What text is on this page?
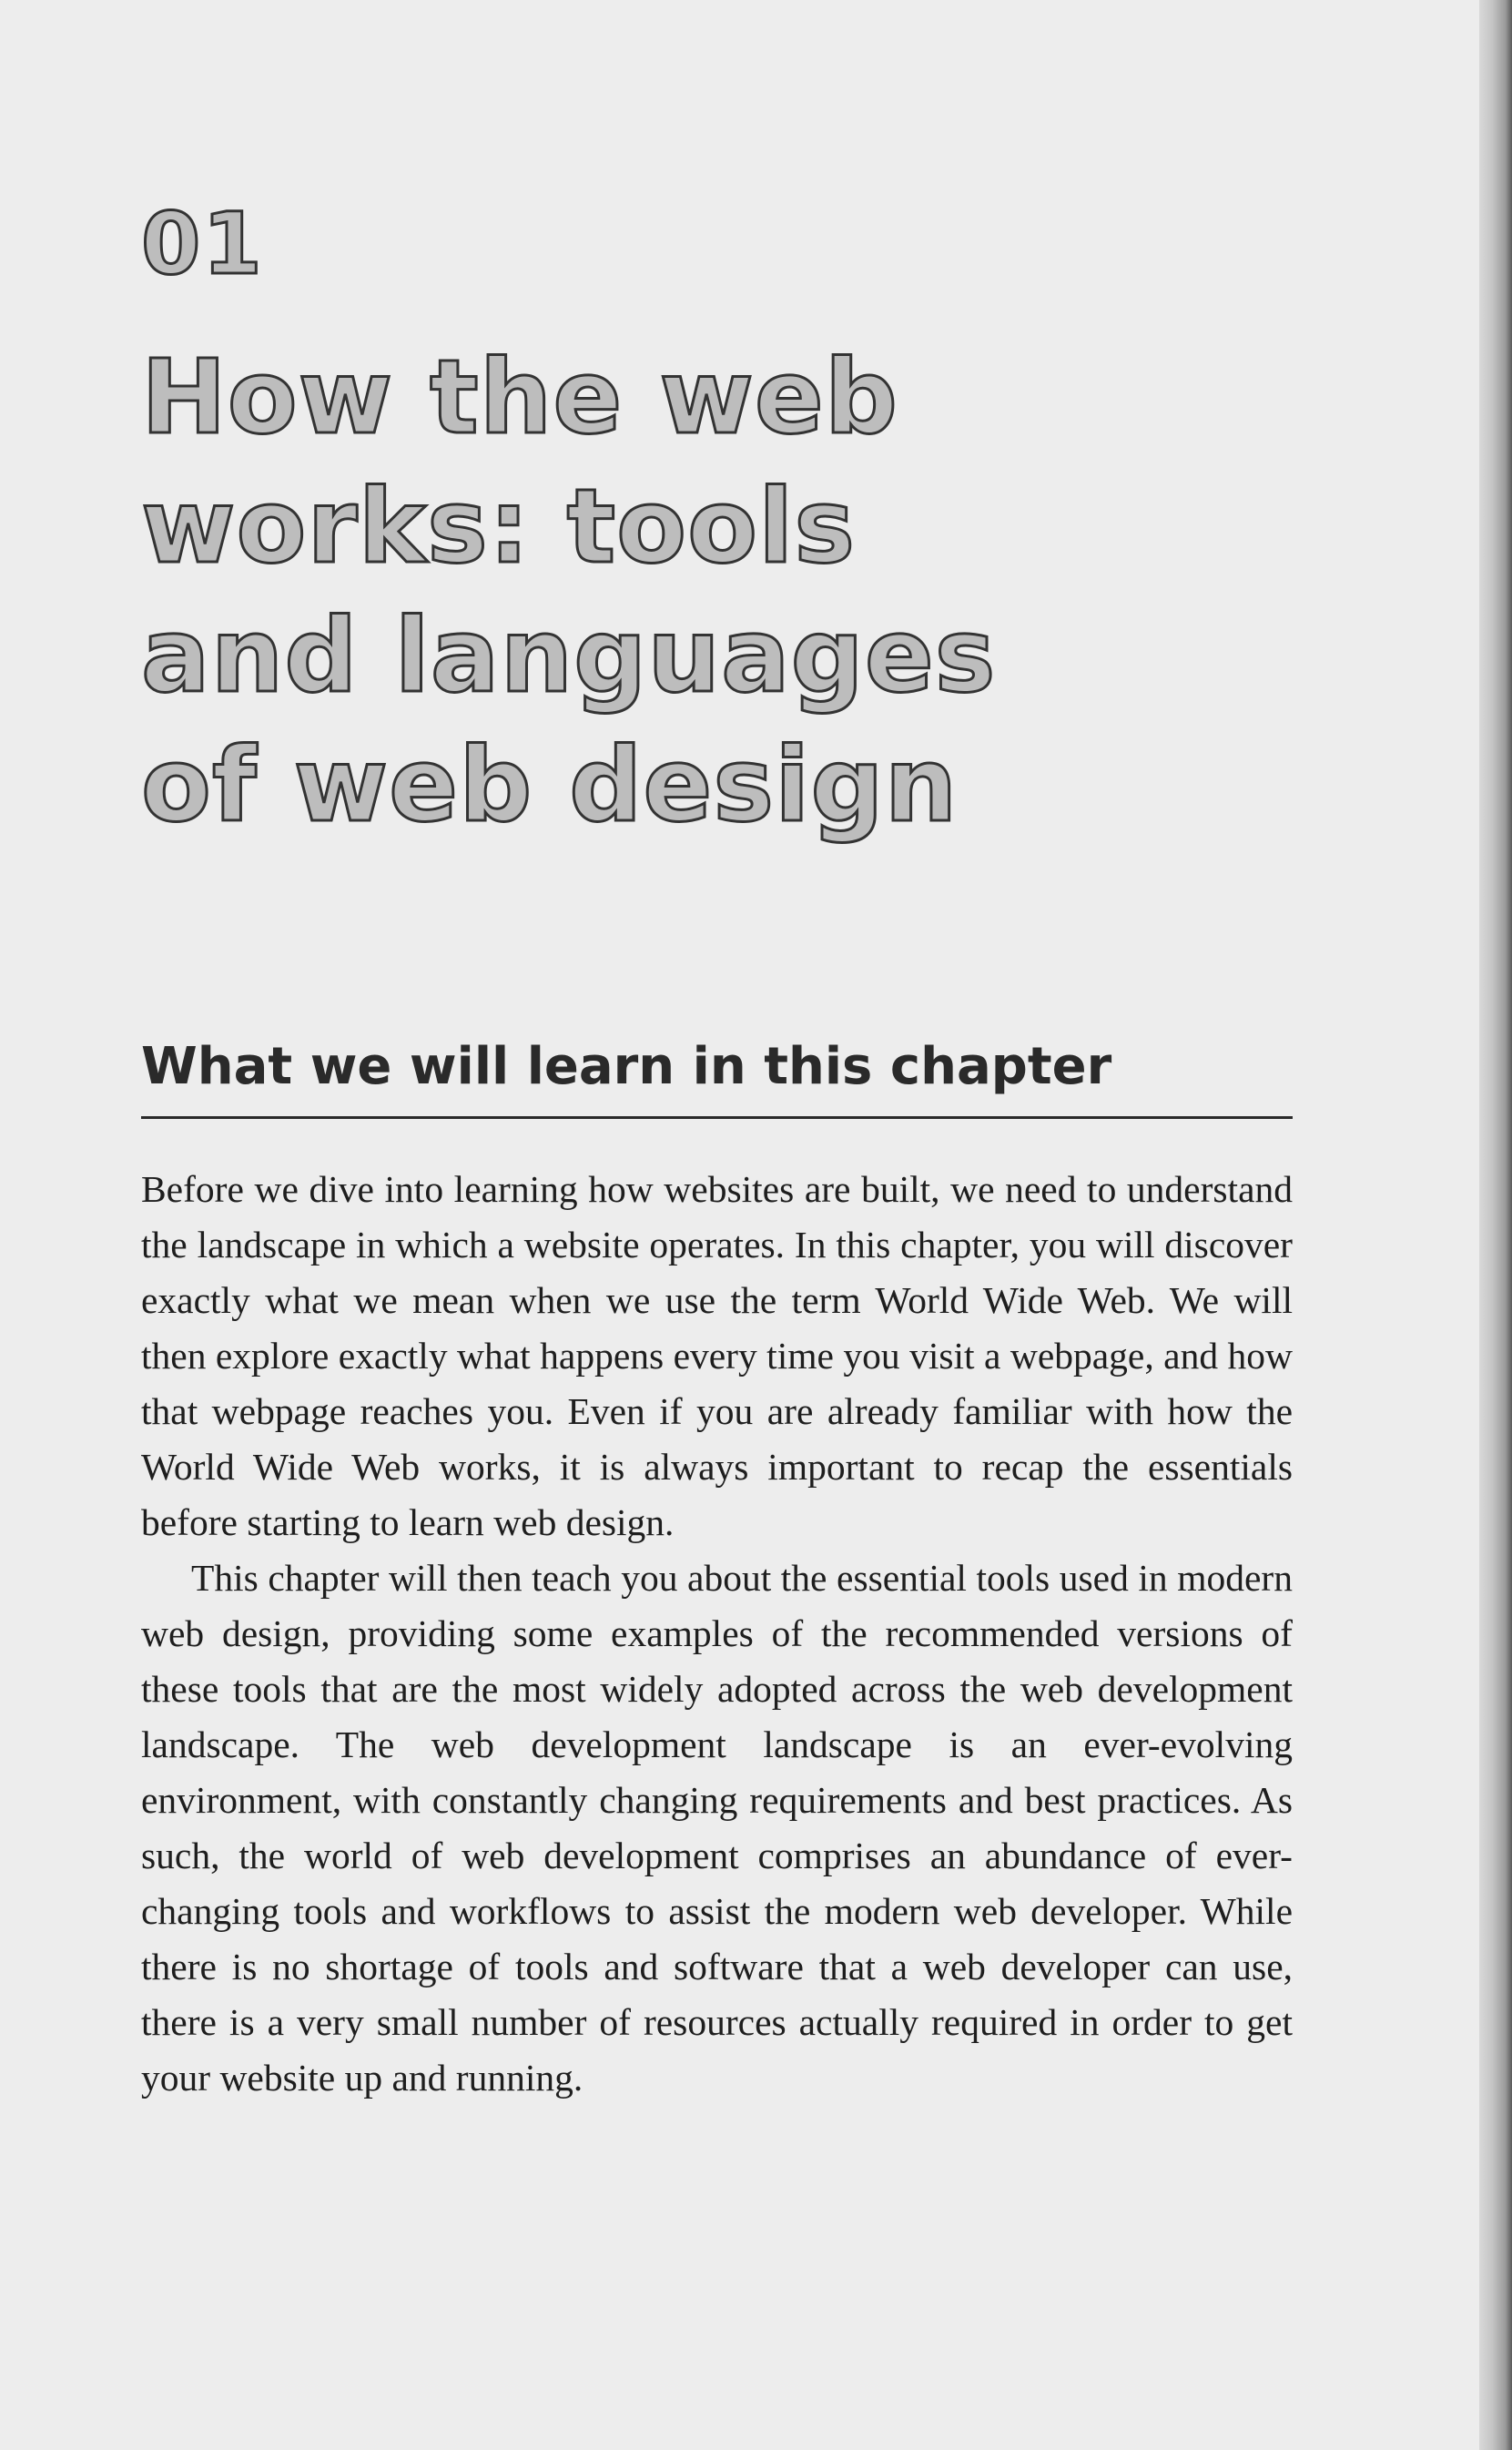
01
How the web works: tools and languages of web design
What we will learn in this chapter

Before we dive into learning how websites are built, we need to understand the landscape in which a website operates. In this chapter, you will discover exactly what we mean when we use the term World Wide Web. We will then explore exactly what happens every time you visit a webpage, and how that webpage reaches you. Even if you are already familiar with how the World Wide Web works, it is always important to recap the essentials before starting to learn web design.

This chapter will then teach you about the essential tools used in modern web design, providing some examples of the recommended versions of these tools that are the most widely adopted across the web development landscape. The web development landscape is an ever-evolving environment, with constantly changing requirements and best practices. As such, the world of web development comprises an abundance of ever-changing tools and workflows to assist the modern web developer. While there is no shortage of tools and software that a web developer can use, there is a very small number of resources actually required in order to get your website up and running.
